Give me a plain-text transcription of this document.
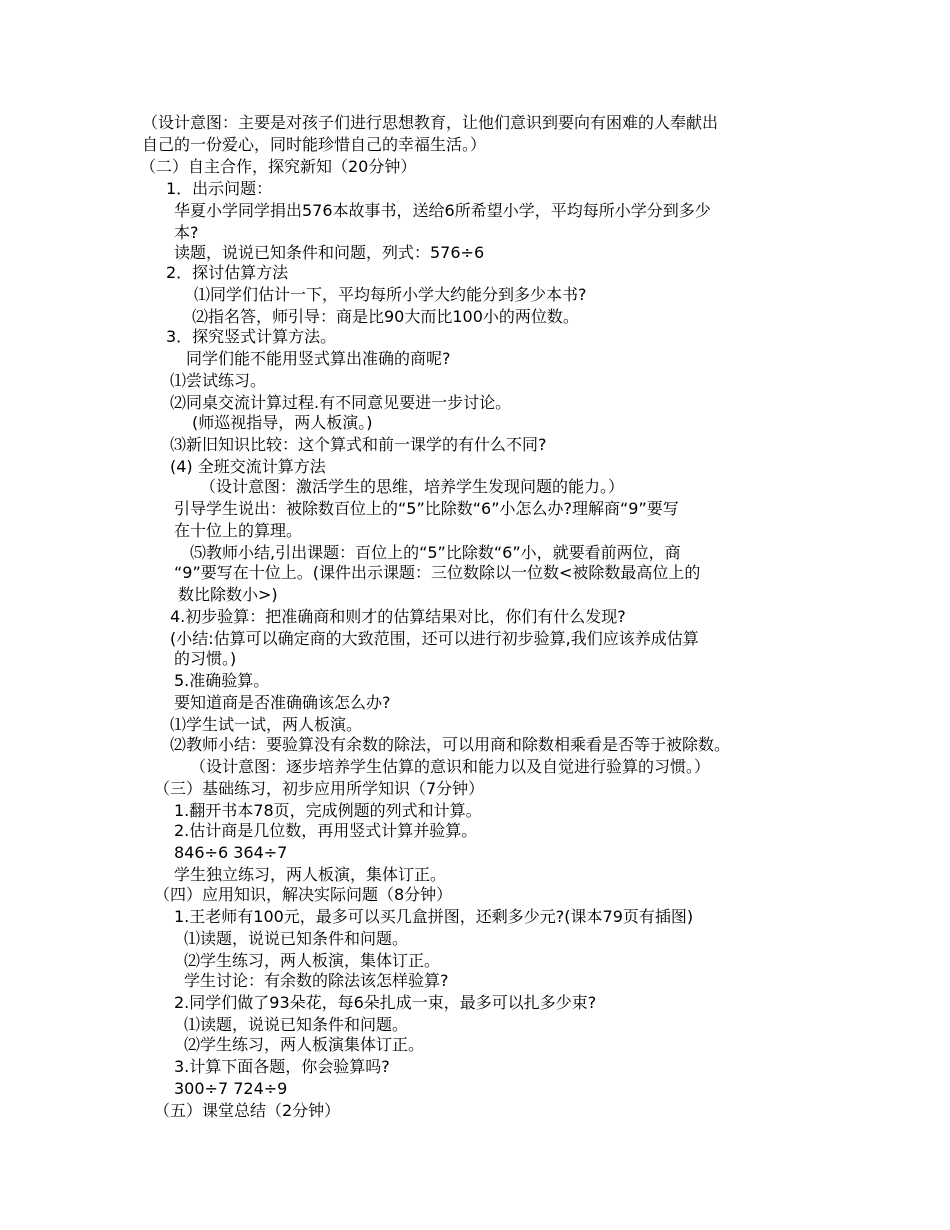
（设计意图：主要是对孩子们进行思想教育，让他们意识到要向有困难的人奉献出
自己的一份爱心，同时能珍惜自己的幸福生活。）
（二）自主合作，探究新知（20分钟）
1．出示问题：
华夏小学同学捐出576本故事书，送给6所希望小学，平均每所小学分到多少
本?
读题，说说已知条件和问题，列式：576÷6
2．探讨估算方法
⑴同学们估计一下，平均每所小学大约能分到多少本书?
⑵指名答，师引导：商是比90大而比100小的两位数。
3．探究竖式计算方法。
同学们能不能用竖式算出准确的商呢?
⑴尝试练习。
⑵同桌交流计算过程.有不同意见要进一步讨论。
(师巡视指导，两人板演。)
⑶新旧知识比较：这个算式和前一课学的有什么不同?
(4) 全班交流计算方法
（设计意图：激活学生的思维，培养学生发现问题的能力。）
引导学生说出：被除数百位上的“5”比除数“6”小怎么办?理解商“9”要写
在十位上的算理。
⑸教师小结,引出课题：百位上的“5”比除数“6”小，就要看前两位，商
“9”要写在十位上。(课件出示课题：三位数除以一位数<被除数最高位上的
数比除数小>)
4.初步验算：把准确商和则才的估算结果对比，你们有什么发现?
(小结:估算可以确定商的大致范围，还可以进行初步验算,我们应该养成估算
的习惯。)
5.准确验算。
要知道商是否准确确该怎么办?
⑴学生试一试，两人板演。
⑵教师小结：要验算没有余数的除法，可以用商和除数相乘看是否等于被除数。
（设计意图：逐步培养学生估算的意识和能力以及自觉进行验算的习惯。）
（三）基础练习，初步应用所学知识（7分钟）
1.翻开书本78页，完成例题的列式和计算。
2.估计商是几位数，再用竖式计算并验算。
846÷6 364÷7
学生独立练习，两人板演，集体订正。
（四）应用知识，解决实际问题（8分钟）
1.王老师有100元，最多可以买几盒拼图，还剩多少元?(课本79页有插图)
⑴读题，说说已知条件和问题。
⑵学生练习，两人板演，集体订正。
学生讨论：有余数的除法该怎样验算?
2.同学们做了93朵花，每6朵扎成一束，最多可以扎多少束?
⑴读题，说说已知条件和问题。
⑵学生练习，两人板演集体订正。
3.计算下面各题，你会验算吗?
300÷7 724÷9
（五）课堂总结（2分钟）
